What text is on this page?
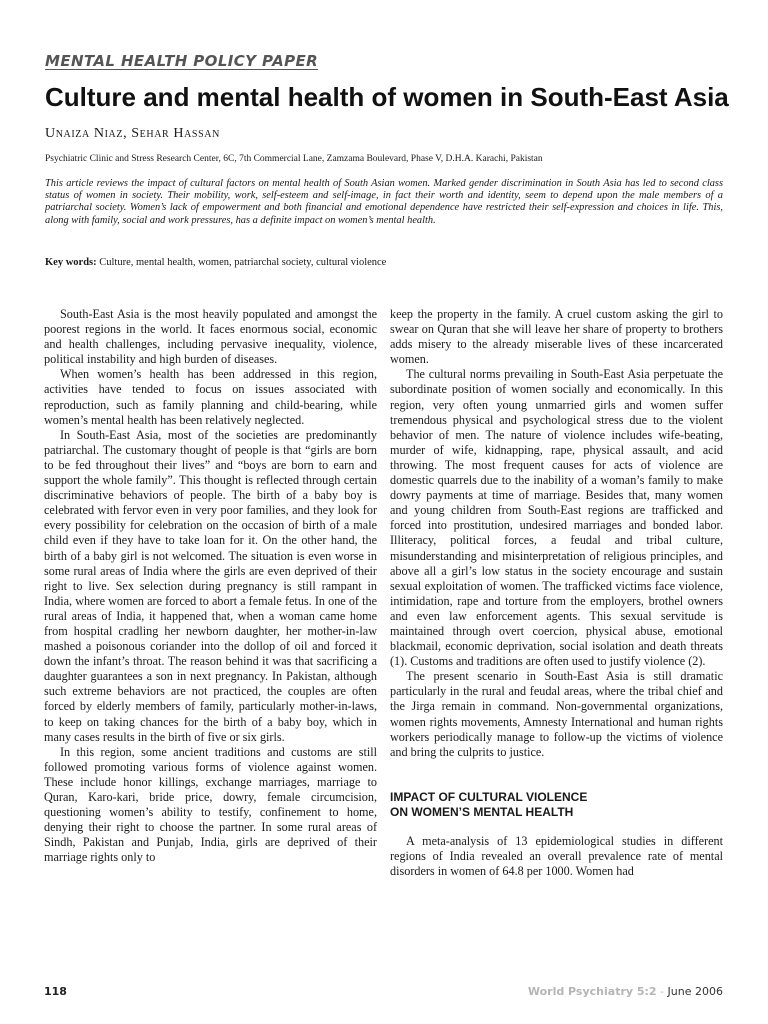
MENTAL HEALTH POLICY PAPER

Culture and mental health of women in South-East Asia

Unaiza Niaz, Sehar Hassan

Psychiatric Clinic and Stress Research Center, 6C, 7th Commercial Lane, Zamzama Boulevard, Phase V, D.H.A. Karachi, Pakistan

This article reviews the impact of cultural factors on mental health of South Asian women. Marked gender discrimination in South Asia has led to second class status of women in society. Their mobility, work, self-esteem and self-image, in fact their worth and identity, seem to depend upon the male members of a patriarchal society. Women’s lack of empowerment and both financial and emotional dependence have restricted their self-expression and choices in life. This, along with family, social and work pressures, has a definite impact on women’s mental health.

Key words: Culture, mental health, women, patriarchal society, cultural violence

South-East Asia is the most heavily populated and amongst the poorest regions in the world. It faces enormous social, economic and health challenges, including pervasive inequality, violence, political instability and high burden of diseases.

When women’s health has been addressed in this region, activities have tended to focus on issues associated with reproduction, such as family planning and child-bearing, while women’s mental health has been relatively neglected.

In South-East Asia, most of the societies are predominantly patriarchal. The customary thought of people is that “girls are born to be fed throughout their lives” and “boys are born to earn and support the whole family”. This thought is reflected through certain discriminative behaviors of people. The birth of a baby boy is celebrated with fervor even in very poor families, and they look for every possibility for celebration on the occasion of birth of a male child even if they have to take loan for it. On the other hand, the birth of a baby girl is not welcomed. The situation is even worse in some rural areas of India where the girls are even deprived of their right to live. Sex selection during pregnancy is still rampant in India, where women are forced to abort a female fetus. In one of the rural areas of India, it happened that, when a woman came home from hospital cradling her newborn daughter, her mother-in-law mashed a poisonous coriander into the dollop of oil and forced it down the infant’s throat. The reason behind it was that sacrificing a daughter guarantees a son in next pregnancy. In Pakistan, although such extreme behaviors are not practiced, the couples are often forced by elderly members of family, particularly mother-in-laws, to keep on taking chances for the birth of a baby boy, which in many cases results in the birth of five or six girls.

In this region, some ancient traditions and customs are still followed promoting various forms of violence against women. These include honor killings, exchange marriages, marriage to Quran, Karo-kari, bride price, dowry, female circumcision, questioning women’s ability to testify, confinement to home, denying their right to choose the partner. In some rural areas of Sindh, Pakistan and Punjab, India, girls are deprived of their marriage rights only to

keep the property in the family. A cruel custom asking the girl to swear on Quran that she will leave her share of property to brothers adds misery to the already miserable lives of these incarcerated women.

The cultural norms prevailing in South-East Asia perpetuate the subordinate position of women socially and economically. In this region, very often young unmarried girls and women suffer tremendous physical and psychological stress due to the violent behavior of men. The nature of violence includes wife-beating, murder of wife, kidnapping, rape, physical assault, and acid throwing. The most frequent causes for acts of violence are domestic quarrels due to the inability of a woman’s family to make dowry payments at time of marriage. Besides that, many women and young children from South-East regions are trafficked and forced into prostitution, undesired marriages and bonded labor. Illiteracy, political forces, a feudal and tribal culture, misunderstanding and misinterpretation of religious principles, and above all a girl’s low status in the society encourage and sustain sexual exploitation of women. The trafficked victims face violence, intimidation, rape and torture from the employers, brothel owners and even law enforcement agents. This sexual servitude is maintained through overt coercion, physical abuse, emotional blackmail, economic deprivation, social isolation and death threats (1). Customs and traditions are often used to justify violence (2).

The present scenario in South-East Asia is still dramatic particularly in the rural and feudal areas, where the tribal chief and the Jirga remain in command. Non-governmental organizations, women rights movements, Amnesty International and human rights workers periodically manage to follow-up the victims of violence and bring the culprits to justice.

IMPACT OF CULTURAL VIOLENCE
ON WOMEN’S MENTAL HEALTH

A meta-analysis of 13 epidemiological studies in different regions of India revealed an overall prevalence rate of mental disorders in women of 64.8 per 1000. Women had

118	World Psychiatry 5:2 - June 2006
